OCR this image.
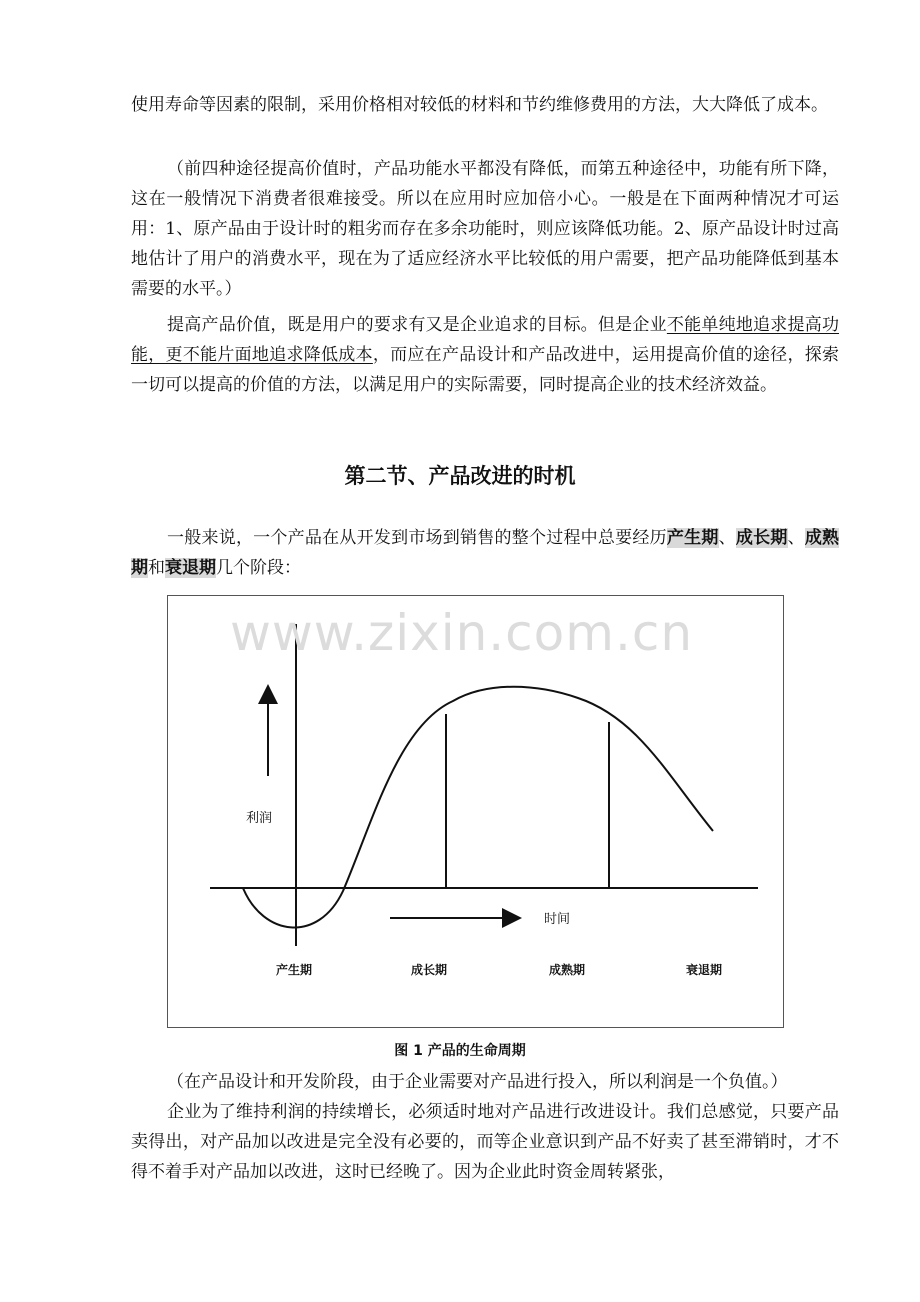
使用寿命等因素的限制，采用价格相对较低的材料和节约维修费用的方法，大大降低了成本。

（前四种途径提高价值时，产品功能水平都没有降低，而第五种途径中，功能有所下降，这在一般情况下消费者很难接受。所以在应用时应加倍小心。一般是在下面两种情况才可运用：1、原产品由于设计时的粗劣而存在多余功能时，则应该降低功能。2、原产品设计时过高地估计了用户的消费水平，现在为了适应经济水平比较低的用户需要，把产品功能降低到基本需要的水平。）

提高产品价值，既是用户的要求有又是企业追求的目标。但是企业不能单纯地追求提高功能，更不能片面地追求降低成本，而应在产品设计和产品改进中，运用提高价值的途径，探索一切可以提高的价值的方法，以满足用户的实际需要，同时提高企业的技术经济效益。

第二节、产品改进的时机

一般来说，一个产品在从开发到市场到销售的整个过程中总要经历产生期、成长期、成熟期和衰退期几个阶段：

利润
时间
产生期	成长期	成熟期	衰退期
www.zixin.com.cn
图 1 产品的生命周期

（在产品设计和开发阶段，由于企业需要对产品进行投入，所以利润是一个负值。）

企业为了维持利润的持续增长，必须适时地对产品进行改进设计。我们总感觉，只要产品卖得出，对产品加以改进是完全没有必要的，而等企业意识到产品不好卖了甚至滞销时，才不得不着手对产品加以改进，这时已经晚了。因为企业此时资金周转紧张，
